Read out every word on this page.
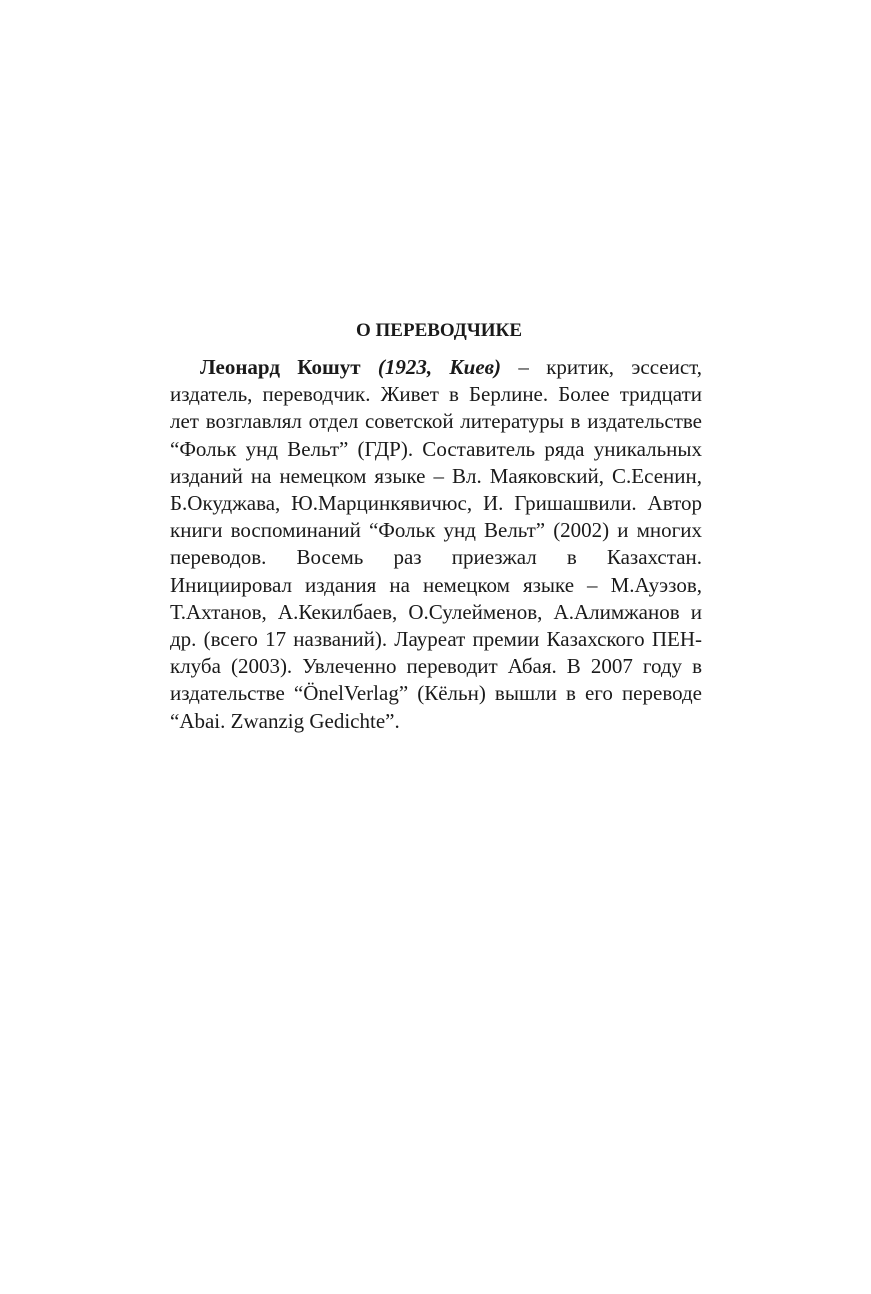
О ПЕРЕВОДЧИКЕ

Леонард Кошут (1923, Киев) – критик, эссеист, издатель, переводчик. Живет в Берлине. Более тридцати лет возглавлял отдел советской литературы в издательстве “Фольк унд Вельт” (ГДР). Составитель ряда уникальных изданий на немецком языке – Вл. Маяковский, С.Есенин, Б.Окуджава, Ю.Марцинкявичюс, И. Гришашвили. Автор книги воспоминаний “Фольк унд Вельт” (2002) и многих переводов. Восемь раз приезжал в Казахстан. Инициировал издания на немецком языке – М.Ауэзов, Т.Ахтанов, А.Кекилбаев, О.Сулейменов, А.Алимжанов и др. (всего 17 названий). Лауреат премии Казахского ПЕН-клуба (2003). Увлеченно переводит Абая. В 2007 году в издательстве “ÖnelVerlag” (Кёльн) вышли в его переводе “Abai. Zwanzig Gedichte”.
